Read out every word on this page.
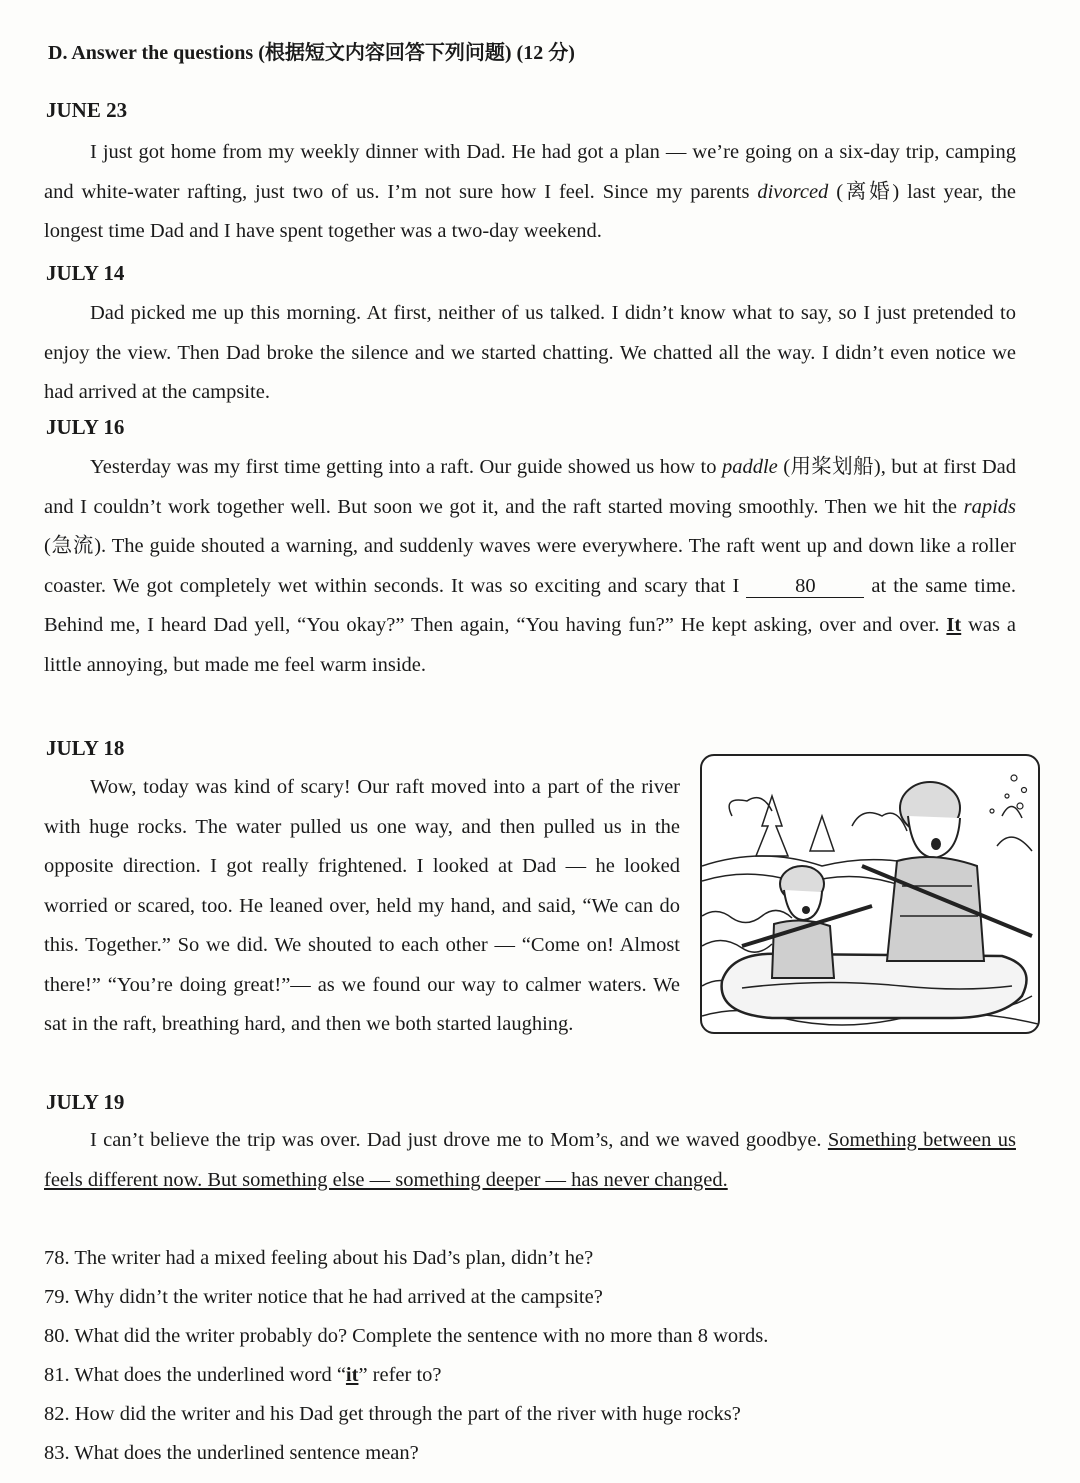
D. Answer the questions (根据短文内容回答下列问题) (12 分)
JUNE 23
I just got home from my weekly dinner with Dad. He had got a plan — we’re going on a six-day trip, camping and white-water rafting, just two of us. I’m not sure how I feel. Since my parents divorced (离婚) last year, the longest time Dad and I have spent together was a two-day weekend.
JULY 14
Dad picked me up this morning. At first, neither of us talked. I didn’t know what to say, so I just pretended to enjoy the view. Then Dad broke the silence and we started chatting. We chatted all the way. I didn’t even notice we had arrived at the campsite.
JULY 16
Yesterday was my first time getting into a raft. Our guide showed us how to paddle (用桨划船), but at first Dad and I couldn’t work together well. But soon we got it, and the raft started moving smoothly. Then we hit the rapids (急流). The guide shouted a warning, and suddenly waves were everywhere. The raft went up and down like a roller coaster. We got completely wet within seconds. It was so exciting and scary that I 80 at the same time. Behind me, I heard Dad yell, “You okay?” Then again, “You having fun?” He kept asking, over and over. It was a little annoying, but made me feel warm inside.
JULY 18
Wow, today was kind of scary! Our raft moved into a part of the river with huge rocks. The water pulled us one way, and then pulled us in the opposite direction. I got really frightened. I looked at Dad — he looked worried or scared, too. He leaned over, held my hand, and said, “We can do this. Together.” So we did. We shouted to each other — “Come on! Almost there!” “You’re doing great!”— as we found our way to calmer waters. We sat in the raft, breathing hard, and then we both started laughing.
JULY 19
I can’t believe the trip was over. Dad just drove me to Mom’s, and we waved goodbye. Something between us feels different now. But something else — something deeper — has never changed.
78. The writer had a mixed feeling about his Dad’s plan, didn’t he?
79. Why didn’t the writer notice that he had arrived at the campsite?
80. What did the writer probably do? Complete the sentence with no more than 8 words.
81. What does the underlined word “it” refer to?
82. How did the writer and his Dad get through the part of the river with huge rocks?
83. What does the underlined sentence mean?
